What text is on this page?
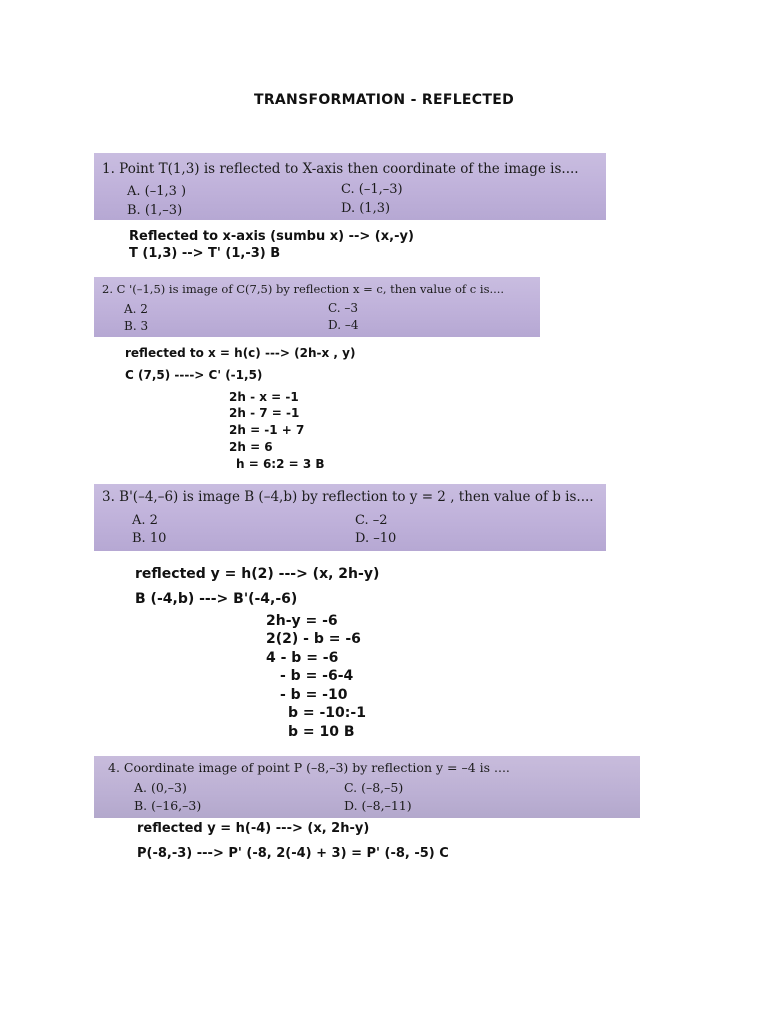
TRANSFORMATION - REFLECTED
1. Point T(1,3) is reflected to X-axis then coordinate of the image is....
A. (–1,3 )
B. (1,–3)
C. (–1,–3)
D. (1,3)
Reflected to x-axis (sumbu x) --> (x,-y)
T (1,3) --> T' (1,-3) B
2. C '(–1,5) is image of C(7,5) by reflection x = c, then value of c is....
A. 2
B. 3
C. –3
D. –4
reflected to x = h(c) ---> (2h-x , y)
C (7,5) ----> C' (-1,5)
2h - x = -1
2h - 7 = -1
2h = -1 + 7
2h = 6
h = 6:2 = 3 B
3. B'(–4,–6) is image B (–4,b) by reflection to y = 2 , then value of b is....
A. 2
B. 10
C. –2
D. –10
reflected y = h(2) ---> (x, 2h-y)
B (-4,b) ---> B'(-4,-6)
2h-y = -6
2(2) - b = -6
4 - b = -6
- b = -6-4
- b = -10
b = -10:-1
b = 10 B
4. Coordinate image of point P (–8,–3) by reflection y = –4 is ....
A. (0,–3)
B. (–16,–3)
C. (–8,–5)
D. (–8,–11)
reflected y = h(-4) ---> (x, 2h-y)
P(-8,-3) ---> P' (-8, 2(-4) + 3) = P' (-8, -5) C
